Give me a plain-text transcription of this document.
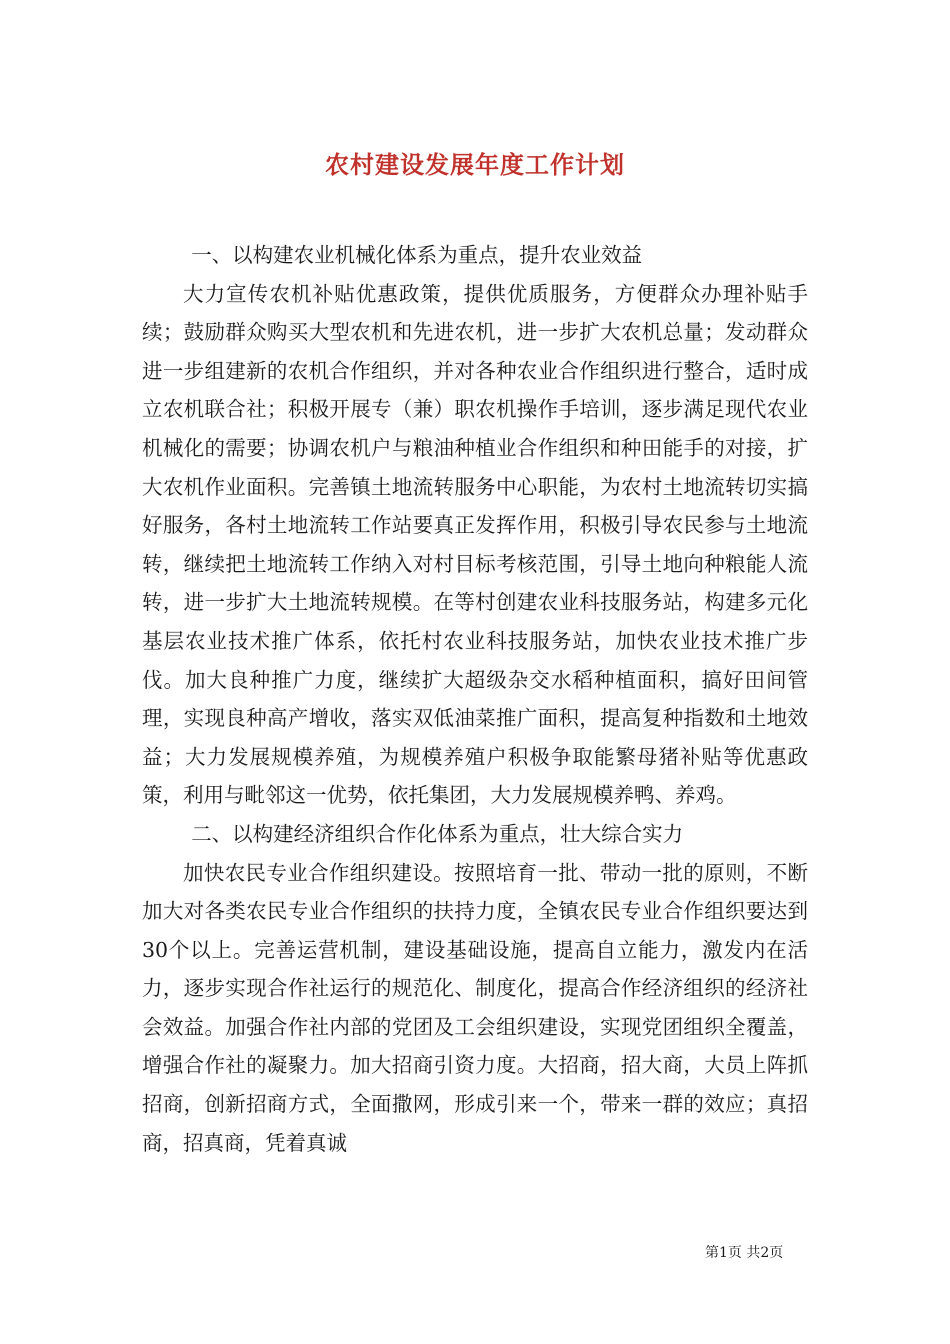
农村建设发展年度工作计划

一、以构建农业机械化体系为重点，提升农业效益

大力宣传农机补贴优惠政策，提供优质服务，方便群众办理补贴手续；鼓励群众购买大型农机和先进农机，进一步扩大农机总量；发动群众进一步组建新的农机合作组织，并对各种农业合作组织进行整合，适时成立农机联合社；积极开展专（兼）职农机操作手培训，逐步满足现代农业机械化的需要；协调农机户与粮油种植业合作组织和种田能手的对接，扩大农机作业面积。完善镇土地流转服务中心职能，为农村土地流转切实搞好服务，各村土地流转工作站要真正发挥作用，积极引导农民参与土地流转，继续把土地流转工作纳入对村目标考核范围，引导土地向种粮能人流转，进一步扩大土地流转规模。在等村创建农业科技服务站，构建多元化基层农业技术推广体系，依托村农业科技服务站，加快农业技术推广步伐。加大良种推广力度，继续扩大超级杂交水稻种植面积，搞好田间管理，实现良种高产增收，落实双低油菜推广面积，提高复种指数和土地效益；大力发展规模养殖，为规模养殖户积极争取能繁母猪补贴等优惠政策，利用与毗邻这一优势，依托集团，大力发展规模养鸭、养鸡。

二、以构建经济组织合作化体系为重点，壮大综合实力

加快农民专业合作组织建设。按照培育一批、带动一批的原则，不断加大对各类农民专业合作组织的扶持力度，全镇农民专业合作组织要达到30个以上。完善运营机制，建设基础设施，提高自立能力，激发内在活力，逐步实现合作社运行的规范化、制度化，提高合作经济组织的经济社会效益。加强合作社内部的党团及工会组织建设，实现党团组织全覆盖，增强合作社的凝聚力。加大招商引资力度。大招商，招大商，大员上阵抓招商，创新招商方式，全面撒网，形成引来一个，带来一群的效应；真招商，招真商，凭着真诚

第1页 共2页
